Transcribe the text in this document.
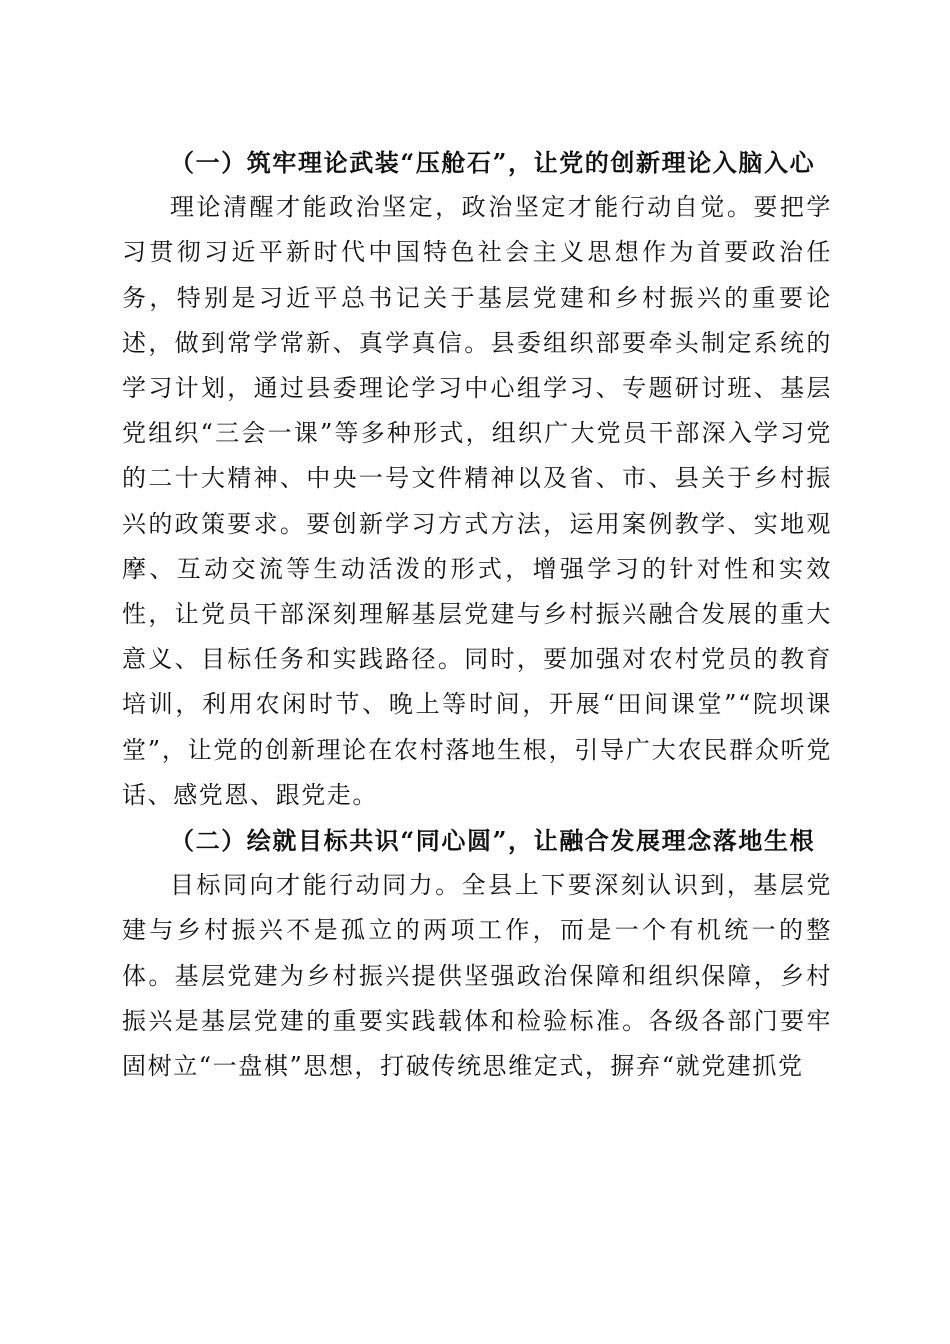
（一）筑牢理论武装“压舱石”，让党的创新理论入脑入心

理论清醒才能政治坚定，政治坚定才能行动自觉。要把学习贯彻习近平新时代中国特色社会主义思想作为首要政治任务，特别是习近平总书记关于基层党建和乡村振兴的重要论述，做到常学常新、真学真信。县委组织部要牵头制定系统的学习计划，通过县委理论学习中心组学习、专题研讨班、基层党组织“三会一课”等多种形式，组织广大党员干部深入学习党的二十大精神、中央一号文件精神以及省、市、县关于乡村振兴的政策要求。要创新学习方式方法，运用案例教学、实地观摩、互动交流等生动活泼的形式，增强学习的针对性和实效性，让党员干部深刻理解基层党建与乡村振兴融合发展的重大意义、目标任务和实践路径。同时，要加强对农村党员的教育培训，利用农闲时节、晚上等时间，开展“田间课堂”“院坝课堂”，让党的创新理论在农村落地生根，引导广大农民群众听党话、感党恩、跟党走。

（二）绘就目标共识“同心圆”，让融合发展理念落地生根

目标同向才能行动同力。全县上下要深刻认识到，基层党建与乡村振兴不是孤立的两项工作，而是一个有机统一的整体。基层党建为乡村振兴提供坚强政治保障和组织保障，乡村振兴是基层党建的重要实践载体和检验标准。各级各部门要牢固树立“一盘棋”思想，打破传统思维定式，摒弃“就党建抓党
